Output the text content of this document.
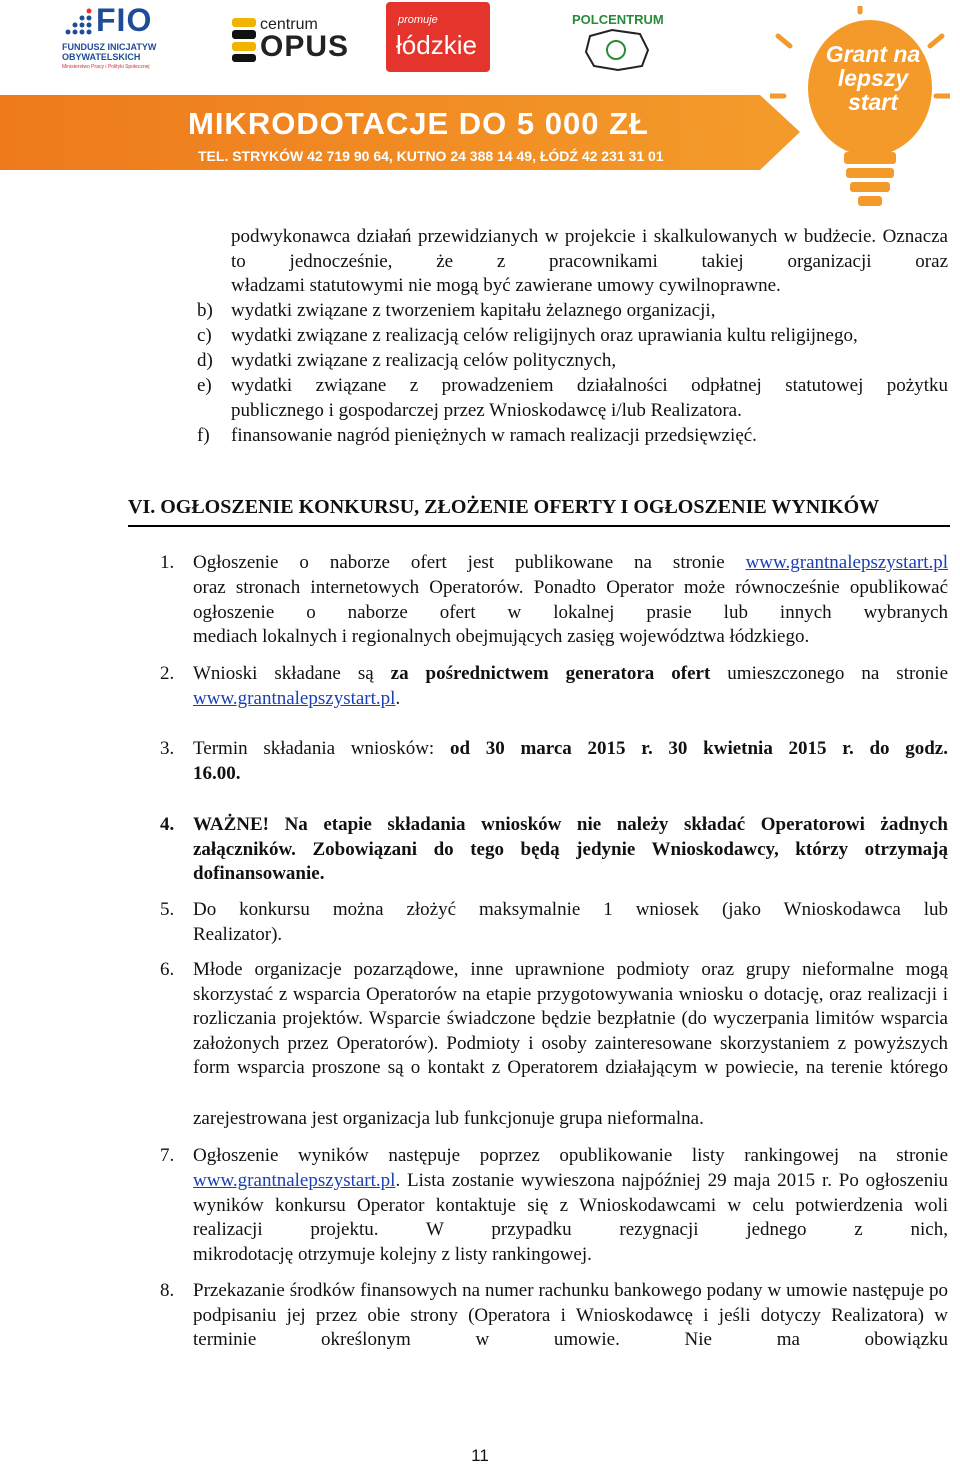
FIO
FUNDUSZ INICJATYW OBYWATELSKICH
Ministerstwo Pracy i Polityki Społecznej
centrum
OPUS
promuje
łódzkie
POLCENTRUM
MIKRODOTACJE DO 5 000 ZŁ
TEL. STRYKÓW 42 719 90 64, KUTNO 24 388 14 49, ŁÓDŹ 42 231 31 01
Grant na lepszy start
podwykonawca działań przewidzianych w projekcie i skalkulowanych w budżecie. Oznacza to jednocześnie, że z pracownikami takiej organizacji oraz
władzami statutowymi nie mogą być zawierane umowy cywilnoprawne.
b) wydatki związane z tworzeniem kapitału żelaznego organizacji,
c) wydatki związane z realizacją celów religijnych oraz uprawiania kultu religijnego,
d) wydatki związane z realizacją celów politycznych,
e) wydatki związane z prowadzeniem działalności odpłatnej statutowej pożytku
publicznego i gospodarczej przez Wnioskodawcę i/lub Realizatora.
f) finansowanie nagród pieniężnych w ramach realizacji przedsięwzięć.
VI. OGŁOSZENIE KONKURSU, ZŁOŻENIE OFERTY I OGŁOSZENIE WYNIKÓW
1. Ogłoszenie o naborze ofert jest publikowane na stronie www.grantnalepszystart.pl
oraz stronach internetowych Operatorów. Ponadto Operator może równocześnie opublikować ogłoszenie o naborze ofert w lokalnej prasie lub innych wybranych
mediach lokalnych i regionalnych obejmujących zasięg województwa łódzkiego.
2. Wnioski składane są za pośrednictwem generatora ofert umieszczonego na stronie
www.grantnalepszystart.pl.
3. Termin składania wniosków: od 30 marca 2015 r. 30 kwietnia 2015 r. do godz.
16.00.
4. WAŻNE! Na etapie składania wniosków nie należy składać Operatorowi żadnych załączników. Zobowiązani do tego będą jedynie Wnioskodawcy, którzy otrzymają
dofinansowanie.
5. Do konkursu można złożyć maksymalnie 1 wniosek (jako Wnioskodawca lub
Realizator).
6. Młode organizacje pozarządowe, inne uprawnione podmioty oraz grupy nieformalne mogą skorzystać z wsparcia Operatorów na etapie przygotowywania wniosku o dotację, oraz realizacji i rozliczania projektów. Wsparcie świadczone będzie bezpłatnie (do wyczerpania limitów wsparcia założonych przez Operatorów). Podmioty i osoby zainteresowane skorzystaniem z powyższych form wsparcia proszone są o kontakt z Operatorem działającym w powiecie, na terenie którego
zarejestrowana jest organizacja lub funkcjonuje grupa nieformalna.
7. Ogłoszenie wyników następuje poprzez opublikowanie listy rankingowej na stronie
www.grantnalepszystart.pl. Lista zostanie wywieszona najpóźniej 29 maja 2015 r. Po ogłoszeniu wyników konkursu Operator kontaktuje się z Wnioskodawcami w celu potwierdzenia woli realizacji projektu. W przypadku rezygnacji jednego z nich,
mikrodotację otrzymuje kolejny z listy rankingowej.
8. Przekazanie środków finansowych na numer rachunku bankowego podany w umowie następuje po podpisaniu jej przez obie strony (Operatora i Wnioskodawcę i jeśli dotyczy Realizatora) w terminie określonym w umowie. Nie ma obowiązku
11
